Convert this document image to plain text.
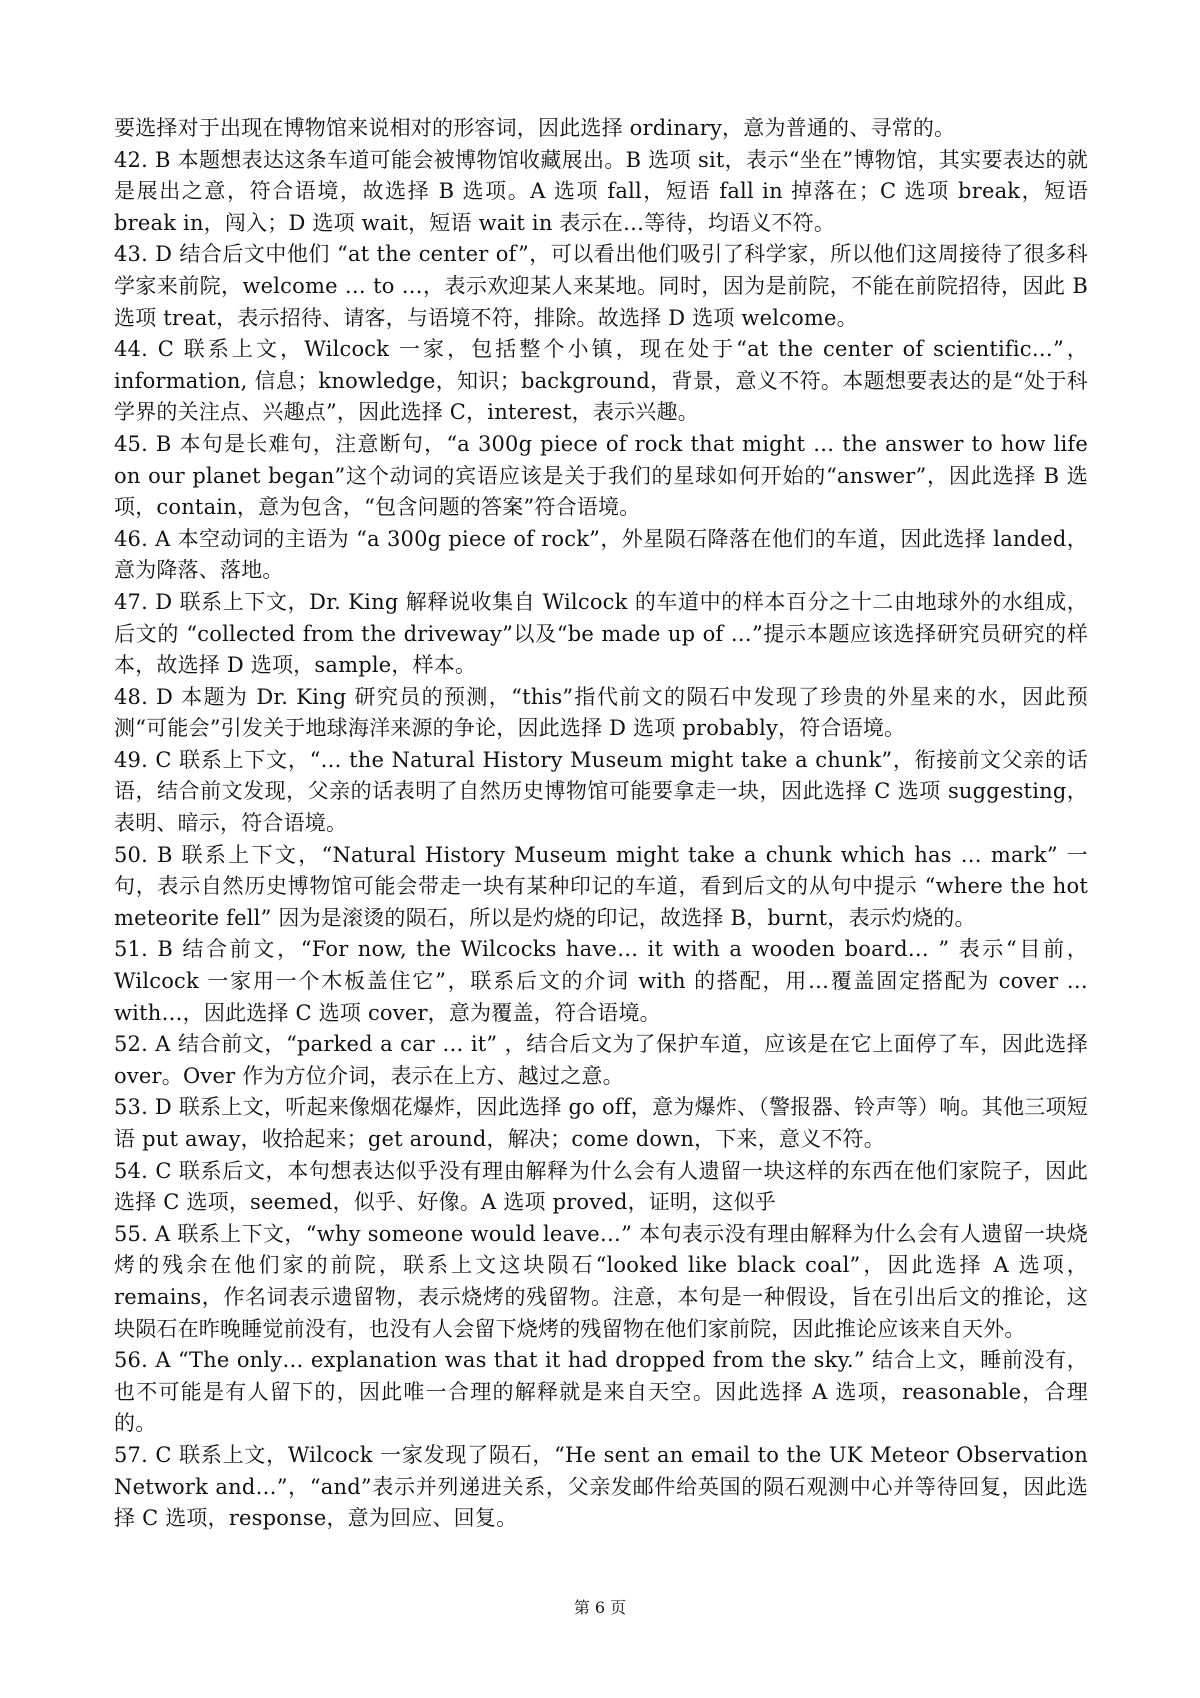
要选择对于出现在博物馆来说相对的形容词，因此选择 ordinary，意为普通的、寻常的。

42. B 本题想表达这条车道可能会被博物馆收藏展出。B 选项 sit，表示“坐在”博物馆，其实要表达的就是展出之意，符合语境，故选择 B 选项。A 选项 fall，短语 fall in 掉落在；C 选项 break，短语 break in，闯入；D 选项 wait，短语 wait in 表示在…等待，均语义不符。

43. D 结合后文中他们 “at the center of”，可以看出他们吸引了科学家，所以他们这周接待了很多科学家来前院，welcome … to …，表示欢迎某人来某地。同时，因为是前院，不能在前院招待，因此 B 选项 treat，表示招待、请客，与语境不符，排除。故选择 D 选项 welcome。

44. C 联系上文，Wilcock 一家，包括整个小镇，现在处于“at the center of scientific…”，information, 信息；knowledge，知识；background，背景，意义不符。本题想要表达的是“处于科学界的关注点、兴趣点”，因此选择 C，interest，表示兴趣。

45. B 本句是长难句，注意断句，“a 300g piece of rock that might … the answer to how life on our planet began”这个动词的宾语应该是关于我们的星球如何开始的“answer”，因此选择 B 选项，contain，意为包含，“包含问题的答案”符合语境。

46. A 本空动词的主语为 “a 300g piece of rock”，外星陨石降落在他们的车道，因此选择 landed，意为降落、落地。

47. D 联系上下文，Dr. King 解释说收集自 Wilcock 的车道中的样本百分之十二由地球外的水组成，后文的 “collected from the driveway”以及“be made up of …”提示本题应该选择研究员研究的样本，故选择 D 选项，sample，样本。

48. D 本题为 Dr. King 研究员的预测，“this”指代前文的陨石中发现了珍贵的外星来的水，因此预测“可能会”引发关于地球海洋来源的争论，因此选择 D 选项 probably，符合语境。

49. C 联系上下文，“… the Natural History Museum might take a chunk”，衔接前文父亲的话语，结合前文发现，父亲的话表明了自然历史博物馆可能要拿走一块，因此选择 C 选项 suggesting，表明、暗示，符合语境。

50. B 联系上下文，“Natural History Museum might take a chunk which has … mark” 一句，表示自然历史博物馆可能会带走一块有某种印记的车道，看到后文的从句中提示 “where the hot meteorite fell” 因为是滚烫的陨石，所以是灼烧的印记，故选择 B，burnt，表示灼烧的。

51. B 结合前文，“For now, the Wilcocks have… it with a wooden board… ” 表示“目前，Wilcock 一家用一个木板盖住它”，联系后文的介词 with 的搭配，用…覆盖固定搭配为 cover … with…，因此选择 C 选项 cover，意为覆盖，符合语境。

52. A 结合前文，“parked a car … it” ，结合后文为了保护车道，应该是在它上面停了车，因此选择 over。Over 作为方位介词，表示在上方、越过之意。

53. D 联系上文，听起来像烟花爆炸，因此选择 go off，意为爆炸、（警报器、铃声等）响。其他三项短语 put away，收拾起来；get around，解决；come down，下来，意义不符。

54. C 联系后文，本句想表达似乎没有理由解释为什么会有人遗留一块这样的东西在他们家院子，因此选择 C 选项，seemed，似乎、好像。A 选项 proved，证明，这似乎

55. A 联系上下文，“why someone would leave…” 本句表示没有理由解释为什么会有人遗留一块烧烤的残余在他们家的前院，联系上文这块陨石“looked like black coal”，因此选择 A 选项，remains，作名词表示遗留物，表示烧烤的残留物。注意，本句是一种假设，旨在引出后文的推论，这块陨石在昨晚睡觉前没有，也没有人会留下烧烤的残留物在他们家前院，因此推论应该来自天外。

56. A “The only… explanation was that it had dropped from the sky.” 结合上文，睡前没有，也不可能是有人留下的，因此唯一合理的解释就是来自天空。因此选择 A 选项，reasonable，合理的。

57. C 联系上文，Wilcock 一家发现了陨石，“He sent an email to the UK Meteor Observation Network and…”，“and”表示并列递进关系，父亲发邮件给英国的陨石观测中心并等待回复，因此选择 C 选项，response，意为回应、回复。

第 6 页
